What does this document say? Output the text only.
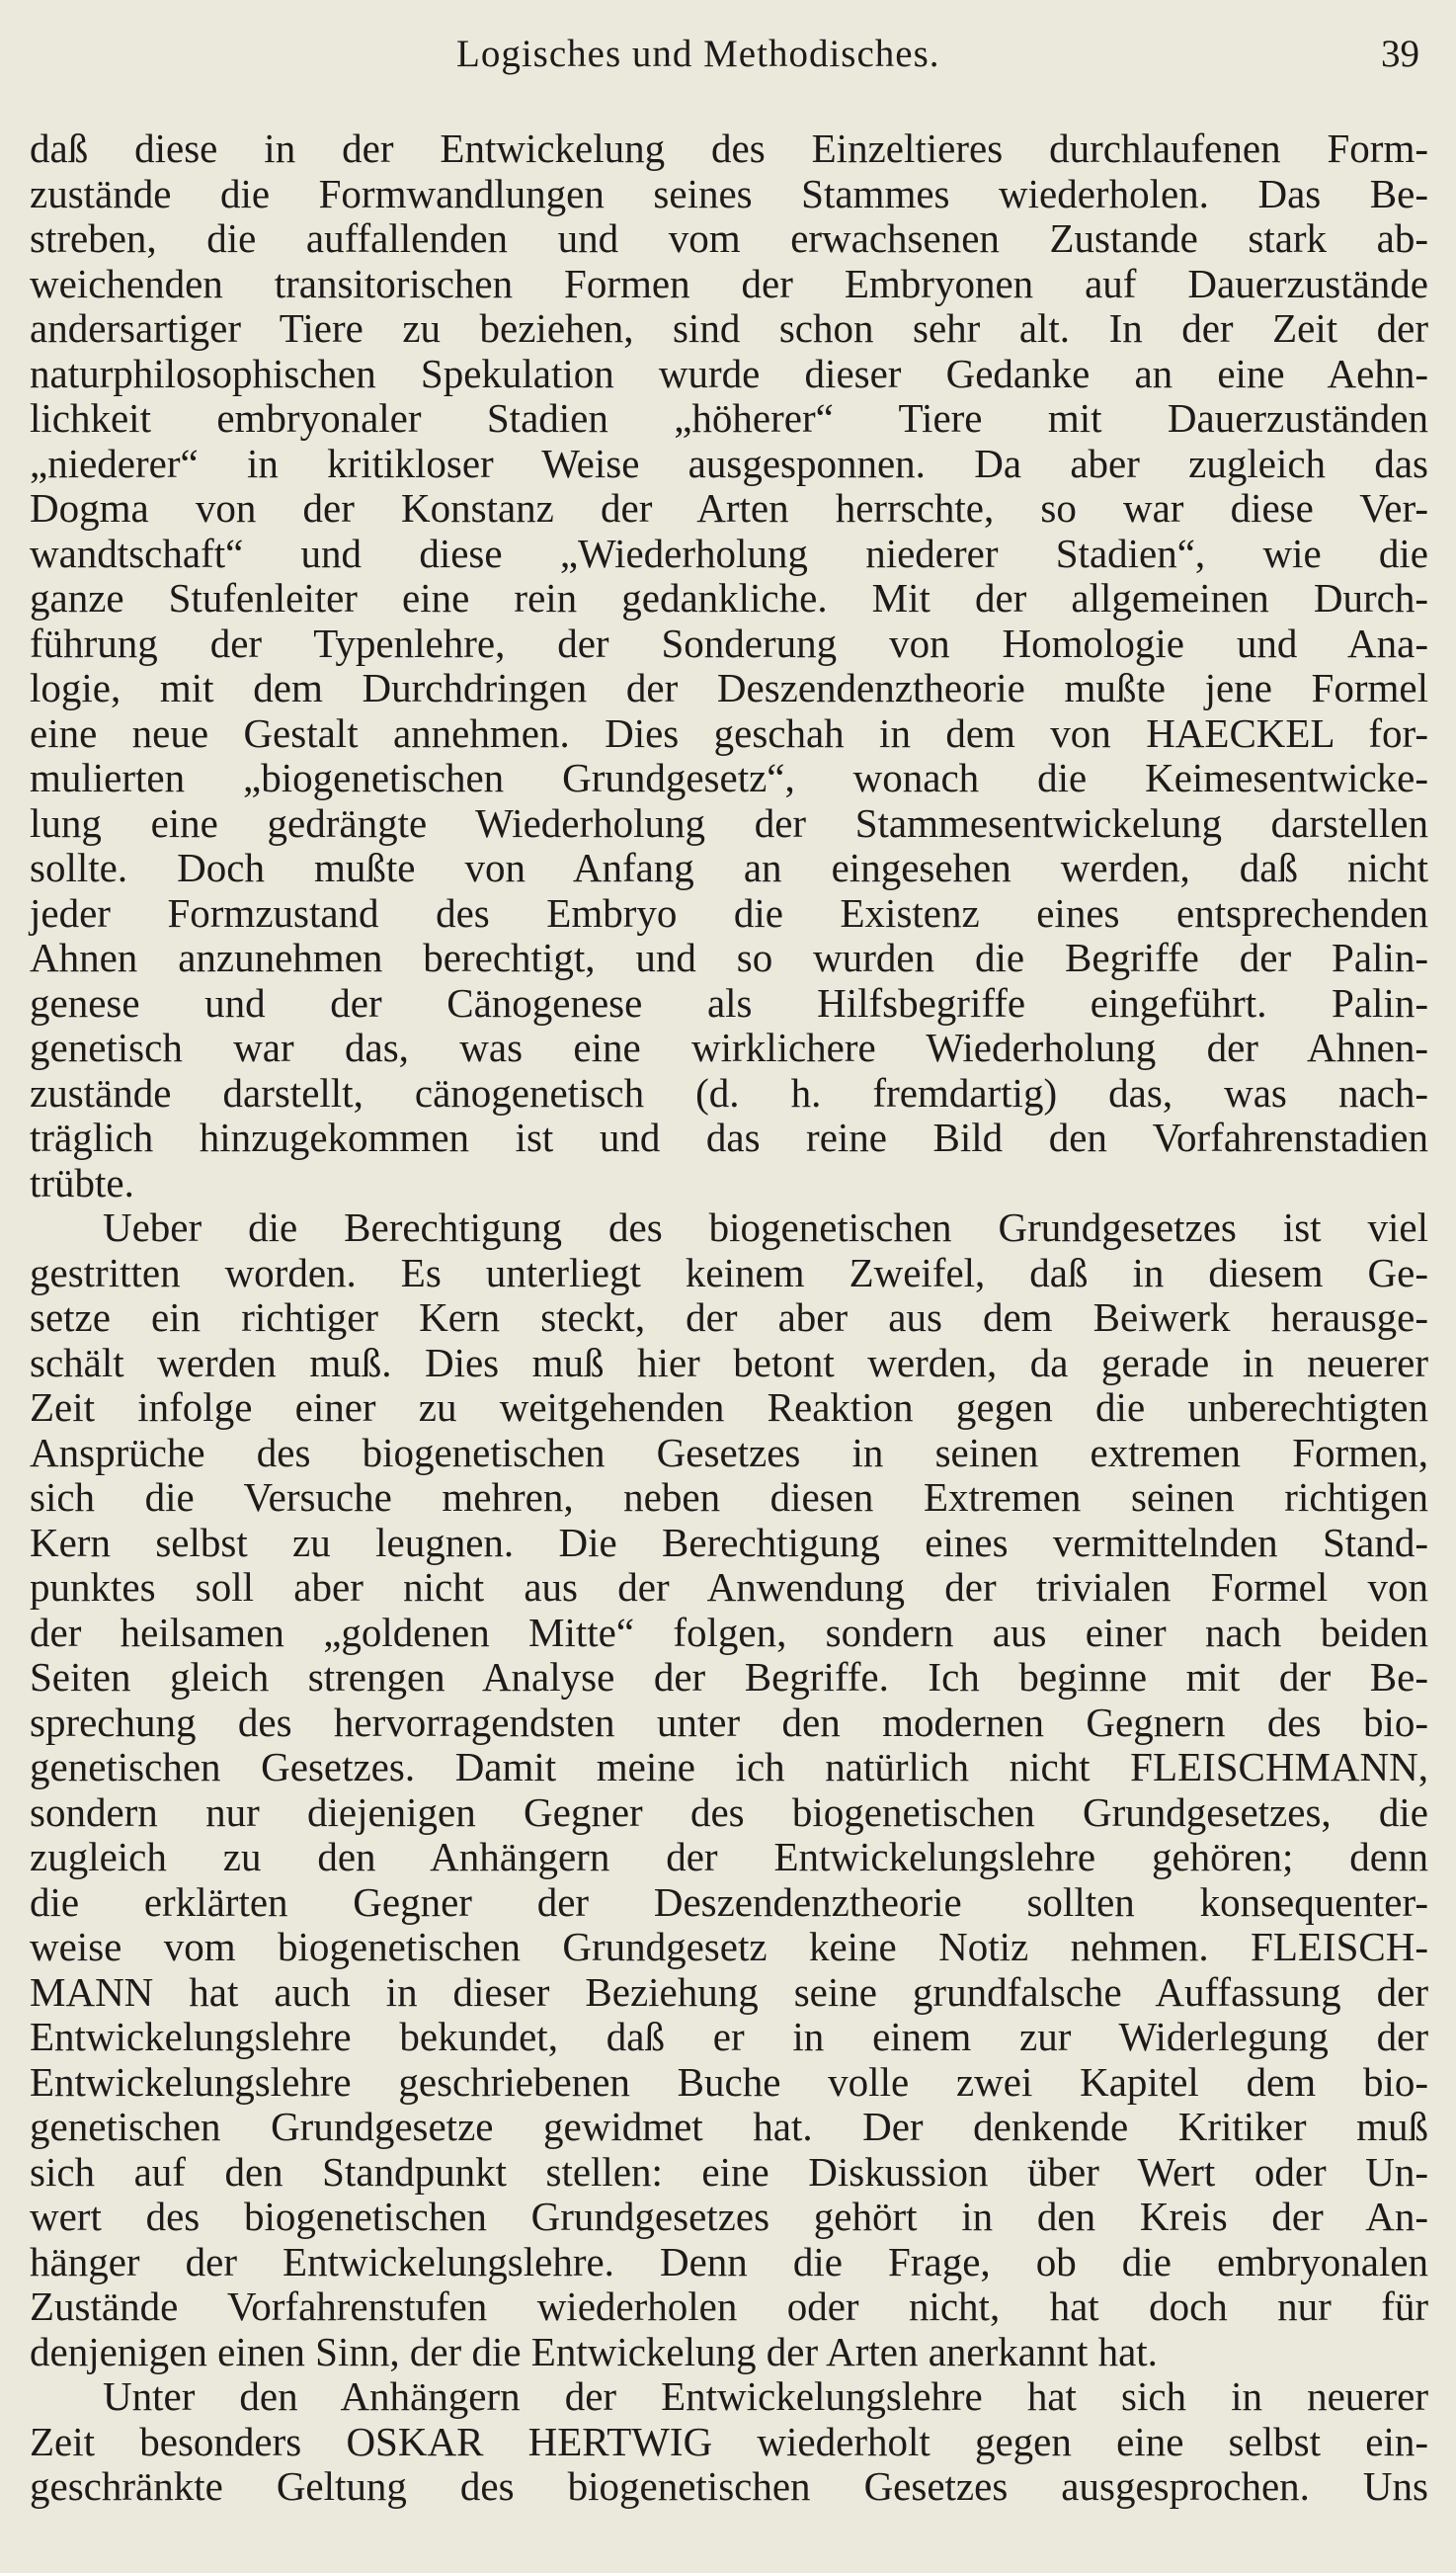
Logisches und Methodisches.	39
daß diese in der Entwickelung des Einzeltieres durchlaufenen Form-
zustände die Formwandlungen seines Stammes wiederholen. Das Be-
streben, die auffallenden und vom erwachsenen Zustande stark ab-
weichenden transitorischen Formen der Embryonen auf Dauerzustände
andersartiger Tiere zu beziehen, sind schon sehr alt. In der Zeit der
naturphilosophischen Spekulation wurde dieser Gedanke an eine Aehn-
lichkeit embryonaler Stadien „höherer“ Tiere mit Dauerzuständen
„niederer“ in kritikloser Weise ausgesponnen. Da aber zugleich das
Dogma von der Konstanz der Arten herrschte, so war diese Ver-
wandtschaft“ und diese „Wiederholung niederer Stadien“, wie die
ganze Stufenleiter eine rein gedankliche. Mit der allgemeinen Durch-
führung der Typenlehre, der Sonderung von Homologie und Ana-
logie, mit dem Durchdringen der Deszendenztheorie mußte jene Formel
eine neue Gestalt annehmen. Dies geschah in dem von HAECKEL for-
mulierten „biogenetischen Grundgesetz“, wonach die Keimesentwicke-
lung eine gedrängte Wiederholung der Stammesentwickelung darstellen
sollte. Doch mußte von Anfang an eingesehen werden, daß nicht
jeder Formzustand des Embryo die Existenz eines entsprechenden
Ahnen anzunehmen berechtigt, und so wurden die Begriffe der Palin-
genese und der Cänogenese als Hilfsbegriffe eingeführt. Palin-
genetisch war das, was eine wirklichere Wiederholung der Ahnen-
zustände darstellt, cänogenetisch (d. h. fremdartig) das, was nach-
träglich hinzugekommen ist und das reine Bild den Vorfahrenstadien
trübte.
Ueber die Berechtigung des biogenetischen Grundgesetzes ist viel
gestritten worden. Es unterliegt keinem Zweifel, daß in diesem Ge-
setze ein richtiger Kern steckt, der aber aus dem Beiwerk herausge-
schält werden muß. Dies muß hier betont werden, da gerade in neuerer
Zeit infolge einer zu weitgehenden Reaktion gegen die unberechtigten
Ansprüche des biogenetischen Gesetzes in seinen extremen Formen,
sich die Versuche mehren, neben diesen Extremen seinen richtigen
Kern selbst zu leugnen. Die Berechtigung eines vermittelnden Stand-
punktes soll aber nicht aus der Anwendung der trivialen Formel von
der heilsamen „goldenen Mitte“ folgen, sondern aus einer nach beiden
Seiten gleich strengen Analyse der Begriffe. Ich beginne mit der Be-
sprechung des hervorragendsten unter den modernen Gegnern des bio-
genetischen Gesetzes. Damit meine ich natürlich nicht FLEISCHMANN,
sondern nur diejenigen Gegner des biogenetischen Grundgesetzes, die
zugleich zu den Anhängern der Entwickelungslehre gehören; denn
die erklärten Gegner der Deszendenztheorie sollten konsequenter-
weise vom biogenetischen Grundgesetz keine Notiz nehmen. FLEISCH-
MANN hat auch in dieser Beziehung seine grundfalsche Auffassung der
Entwickelungslehre bekundet, daß er in einem zur Widerlegung der
Entwickelungslehre geschriebenen Buche volle zwei Kapitel dem bio-
genetischen Grundgesetze gewidmet hat. Der denkende Kritiker muß
sich auf den Standpunkt stellen: eine Diskussion über Wert oder Un-
wert des biogenetischen Grundgesetzes gehört in den Kreis der An-
hänger der Entwickelungslehre. Denn die Frage, ob die embryonalen
Zustände Vorfahrenstufen wiederholen oder nicht, hat doch nur für
denjenigen einen Sinn, der die Entwickelung der Arten anerkannt hat.
Unter den Anhängern der Entwickelungslehre hat sich in neuerer
Zeit besonders OSKAR HERTWIG wiederholt gegen eine selbst ein-
geschränkte Geltung des biogenetischen Gesetzes ausgesprochen. Uns
